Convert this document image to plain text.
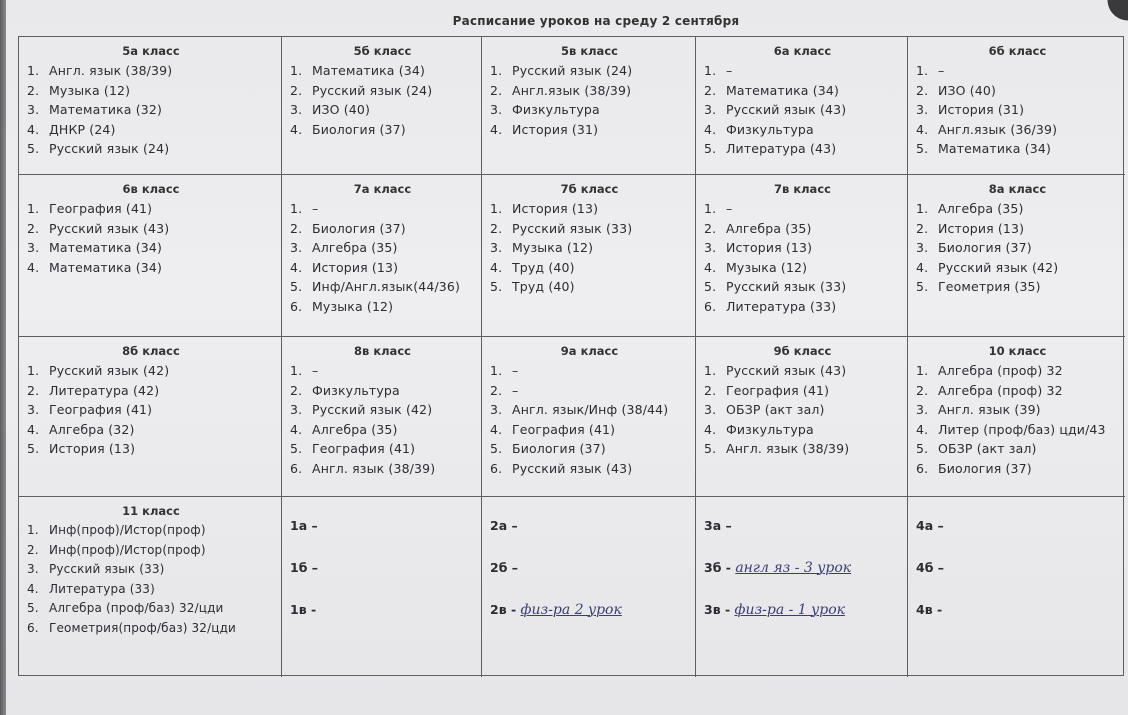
Расписание уроков на среду 2 сентября
5а класс
1. Англ. язык (38/39)
2. Музыка (12)
3. Математика (32)
4. ДНКР (24)
5. Русский язык (24)
5б класс
1. Математика (34)
2. Русский язык (24)
3. ИЗО (40)
4. Биология (37)
5в класс
1. Русский язык (24)
2. Англ.язык (38/39)
3. Физкультура
4. История (31)
6а класс
1. –
2. Математика (34)
3. Русский язык (43)
4. Физкультура
5. Литература (43)
6б класс
1. –
2. ИЗО (40)
3. История (31)
4. Англ.язык (36/39)
5. Математика (34)
6в класс
1. География (41)
2. Русский язык (43)
3. Математика (34)
4. Математика (34)
7а класс
1. –
2. Биология (37)
3. Алгебра (35)
4. История (13)
5. Инф/Англ.язык(44/36)
6. Музыка (12)
7б класс
1. История (13)
2. Русский язык (33)
3. Музыка (12)
4. Труд (40)
5. Труд (40)
7в класс
1. –
2. Алгебра (35)
3. История (13)
4. Музыка (12)
5. Русский язык (33)
6. Литература (33)
8а класс
1. Алгебра (35)
2. История (13)
3. Биология (37)
4. Русский язык (42)
5. Геометрия (35)
8б класс
1. Русский язык (42)
2. Литература (42)
3. География (41)
4. Алгебра (32)
5. История (13)
8в класс
1. –
2. Физкультура
3. Русский язык (42)
4. Алгебра (35)
5. География (41)
6. Англ. язык (38/39)
9а класс
1. –
2. –
3. Англ. язык/Инф (38/44)
4. География (41)
5. Биология (37)
6. Русский язык (43)
9б класс
1. Русский язык (43)
2. География (41)
3. ОБЗР (акт зал)
4. Физкультура
5. Англ. язык (38/39)
10 класс
1. Алгебра (проф) 32
2. Алгебра (проф) 32
3. Англ. язык (39)
4. Литер (проф/баз) цди/43
5. ОБЗР (акт зал)
6. Биология (37)
11 класс
1. Инф(проф)/Истор(проф)
2. Инф(проф)/Истор(проф)
3. Русский язык (33)
4. Литература (33)
5. Алгебра (проф/баз) 32/цди
6. Геометрия(проф/баз) 32/цди
1а –
1б –
1в -
2а –
2б –
2в - физ-ра 2 урок
3а –
3б - англ яз - 3 урок
3в - физ-ра - 1 урок
4а –
4б –
4в -
